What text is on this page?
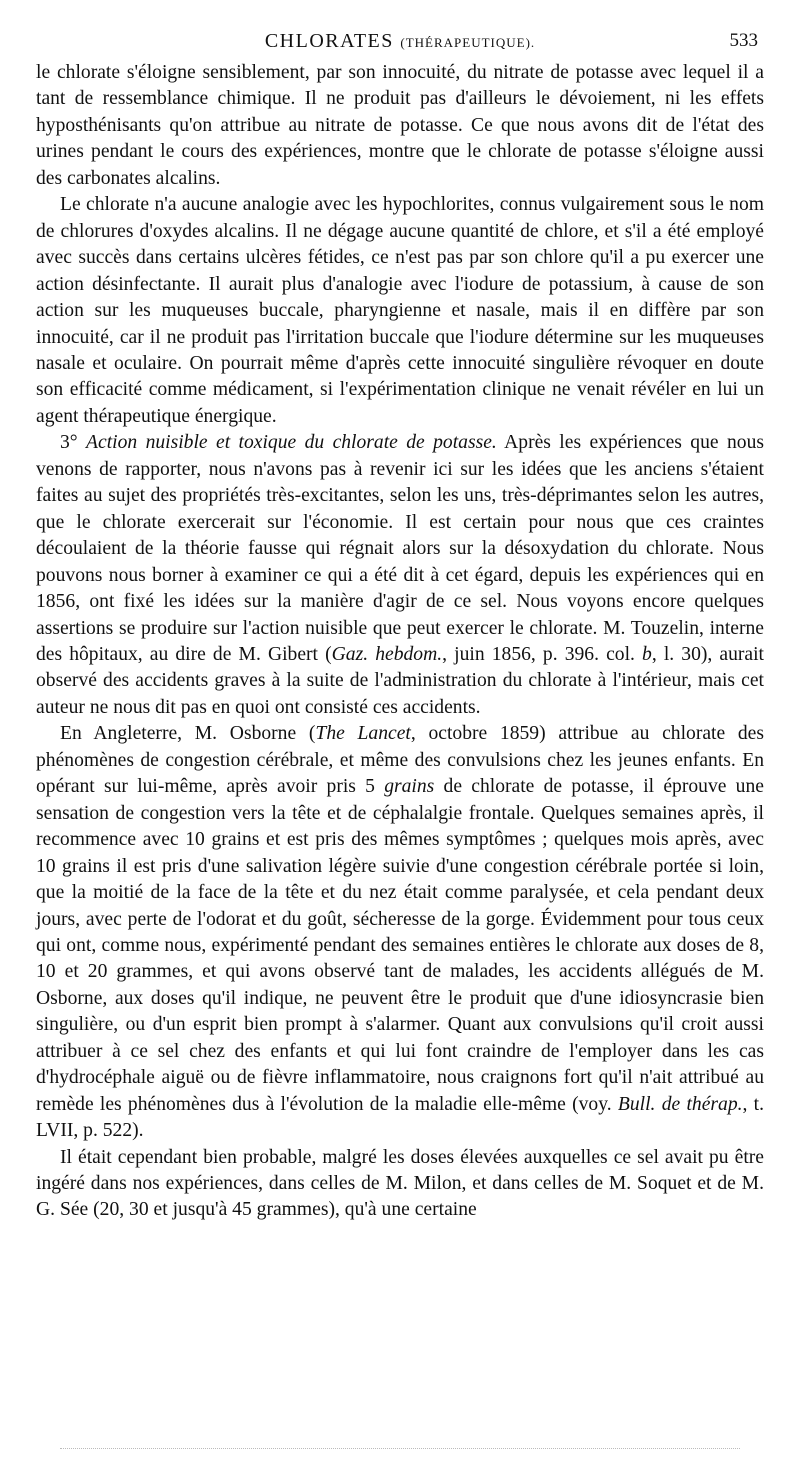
CHLORATES (THÉRAPEUTIQUE).	533

le chlorate s'éloigne sensiblement, par son innocuité, du nitrate de potasse avec lequel il a tant de ressemblance chimique. Il ne produit pas d'ailleurs le dévoiement, ni les effets hyposthénisants qu'on attribue au nitrate de potasse. Ce que nous avons dit de l'état des urines pendant le cours des expériences, montre que le chlorate de potasse s'éloigne aussi des carbonates alcalins.

Le chlorate n'a aucune analogie avec les hypochlorites, connus vulgairement sous le nom de chlorures d'oxydes alcalins. Il ne dégage aucune quantité de chlore, et s'il a été employé avec succès dans certains ulcères fétides, ce n'est pas par son chlore qu'il a pu exercer une action désinfectante. Il aurait plus d'analogie avec l'iodure de potassium, à cause de son action sur les muqueuses buccale, pharyngienne et nasale, mais il en diffère par son innocuité, car il ne produit pas l'irritation buccale que l'iodure détermine sur les muqueuses nasale et oculaire. On pourrait même d'après cette innocuité singulière révoquer en doute son efficacité comme médicament, si l'expérimentation clinique ne venait révéler en lui un agent thérapeutique énergique.

3° Action nuisible et toxique du chlorate de potasse. Après les expériences que nous venons de rapporter, nous n'avons pas à revenir ici sur les idées que les anciens s'étaient faites au sujet des propriétés très-excitantes, selon les uns, très-déprimantes selon les autres, que le chlorate exercerait sur l'économie. Il est certain pour nous que ces craintes découlaient de la théorie fausse qui régnait alors sur la désoxydation du chlorate. Nous pouvons nous borner à examiner ce qui a été dit à cet égard, depuis les expériences qui en 1856, ont fixé les idées sur la manière d'agir de ce sel. Nous voyons encore quelques assertions se produire sur l'action nuisible que peut exercer le chlorate. M. Touzelin, interne des hôpitaux, au dire de M. Gibert (Gaz. hebdom., juin 1856, p. 396. col. b, l. 30), aurait observé des accidents graves à la suite de l'administration du chlorate à l'intérieur, mais cet auteur ne nous dit pas en quoi ont consisté ces accidents.

En Angleterre, M. Osborne (The Lancet, octobre 1859) attribue au chlorate des phénomènes de congestion cérébrale, et même des convulsions chez les jeunes enfants. En opérant sur lui-même, après avoir pris 5 grains de chlorate de potasse, il éprouve une sensation de congestion vers la tête et de céphalalgie frontale. Quelques semaines après, il recommence avec 10 grains et est pris des mêmes symptômes ; quelques mois après, avec 10 grains il est pris d'une salivation légère suivie d'une congestion cérébrale portée si loin, que la moitié de la face de la tête et du nez était comme paralysée, et cela pendant deux jours, avec perte de l'odorat et du goût, sécheresse de la gorge. Évidemment pour tous ceux qui ont, comme nous, expérimenté pendant des semaines entières le chlorate aux doses de 8, 10 et 20 grammes, et qui avons observé tant de malades, les accidents allégués de M. Osborne, aux doses qu'il indique, ne peuvent être le produit que d'une idiosyncrasie bien singulière, ou d'un esprit bien prompt à s'alarmer. Quant aux convulsions qu'il croit aussi attribuer à ce sel chez des enfants et qui lui font craindre de l'employer dans les cas d'hydrocéphale aiguë ou de fièvre inflammatoire, nous craignons fort qu'il n'ait attribué au remède les phénomènes dus à l'évolution de la maladie elle-même (voy. Bull. de thérap., t. LVII, p. 522).

Il était cependant bien probable, malgré les doses élevées auxquelles ce sel avait pu être ingéré dans nos expériences, dans celles de M. Milon, et dans celles de M. Soquet et de M. G. Sée (20, 30 et jusqu'à 45 grammes), qu'à une certaine
